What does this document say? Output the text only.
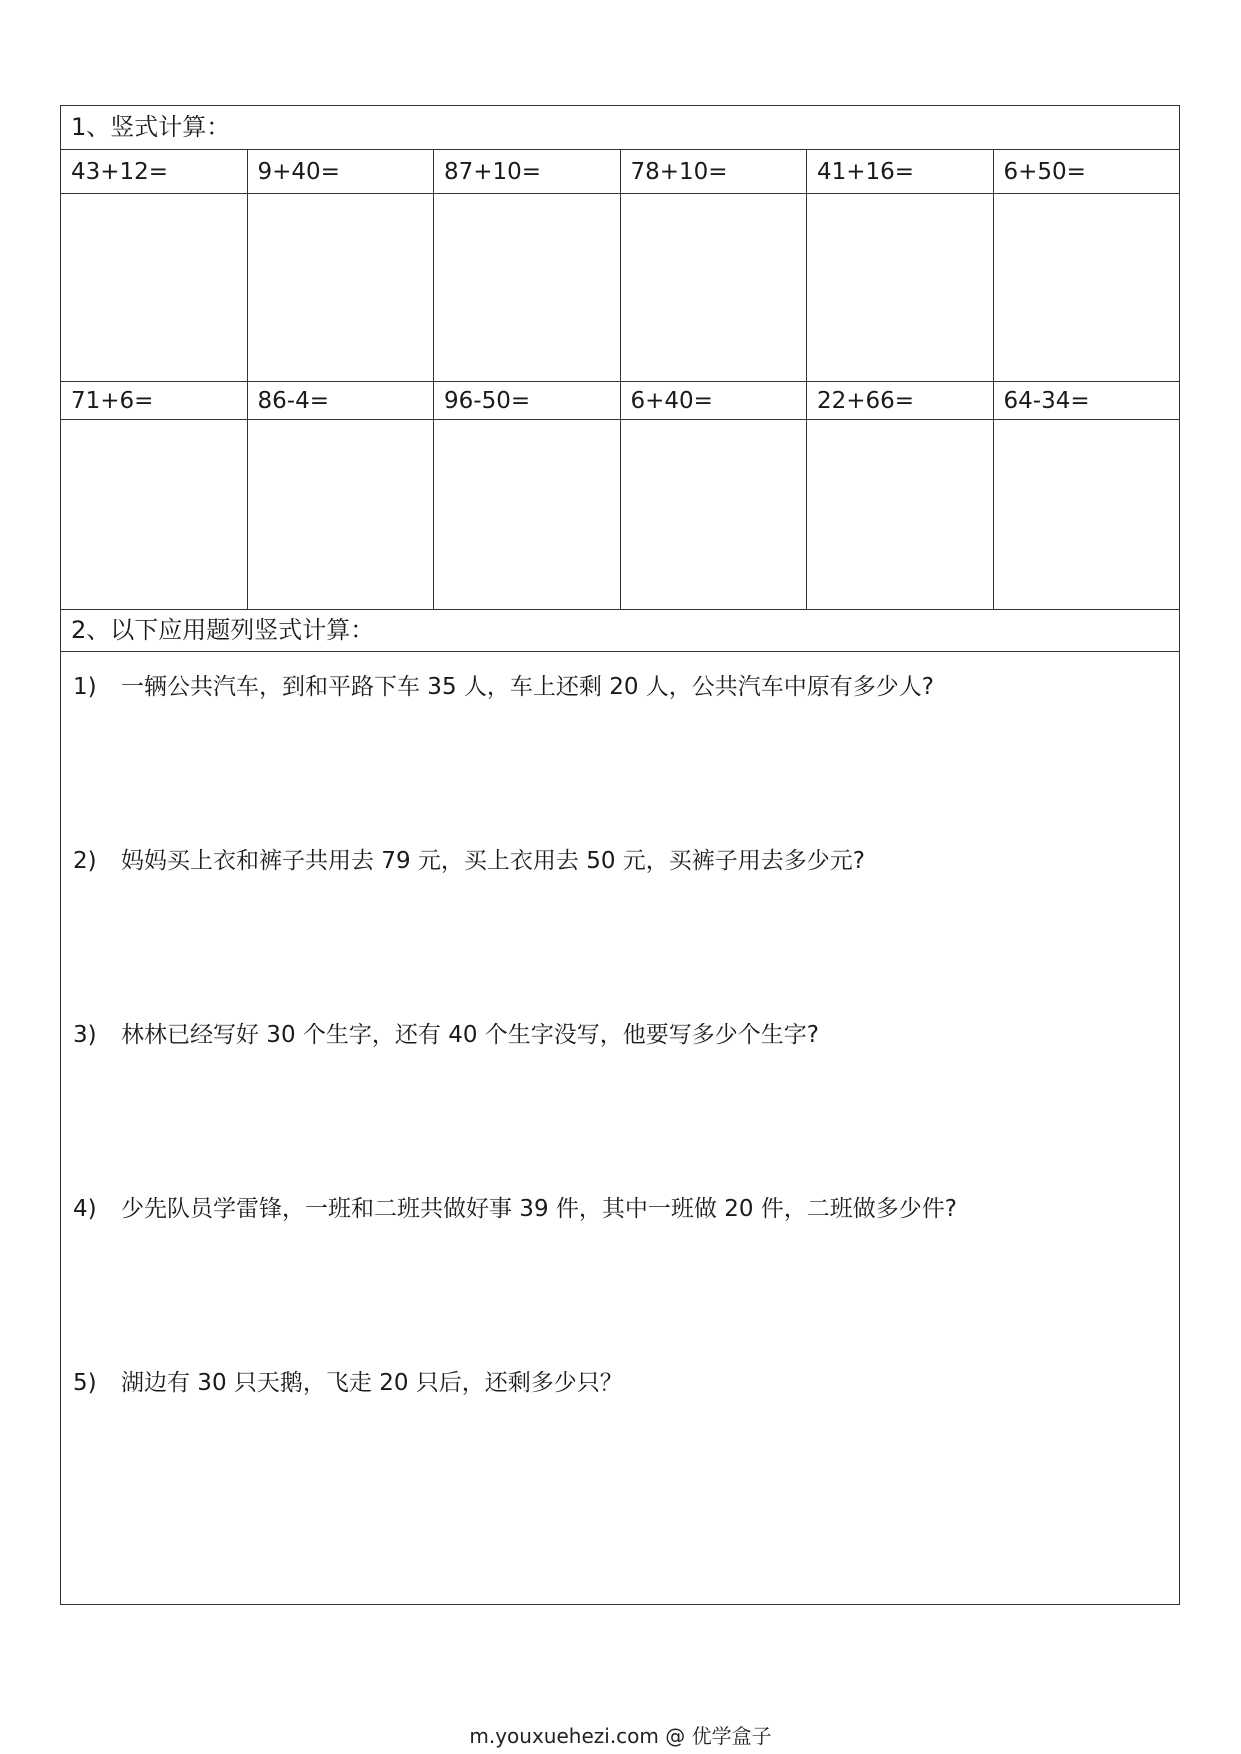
1、竖式计算：
43+12=	9+40=	87+10=	78+10=	41+16=	6+50=
71+6=	86-4=	96-50=	6+40=	22+66=	64-34=
2、以下应用题列竖式计算：
1) 一辆公共汽车，到和平路下车 35 人，车上还剩 20 人，公共汽车中原有多少人?
2) 妈妈买上衣和裤子共用去 79 元，买上衣用去 50 元，买裤子用去多少元?
3) 林林已经写好 30 个生字，还有 40 个生字没写，他要写多少个生字?
4) 少先队员学雷锋，一班和二班共做好事 39 件，其中一班做 20 件，二班做多少件?
5) 湖边有 30 只天鹅，飞走 20 只后，还剩多少只？
m.youxuehezi.com @ 优学盒子
